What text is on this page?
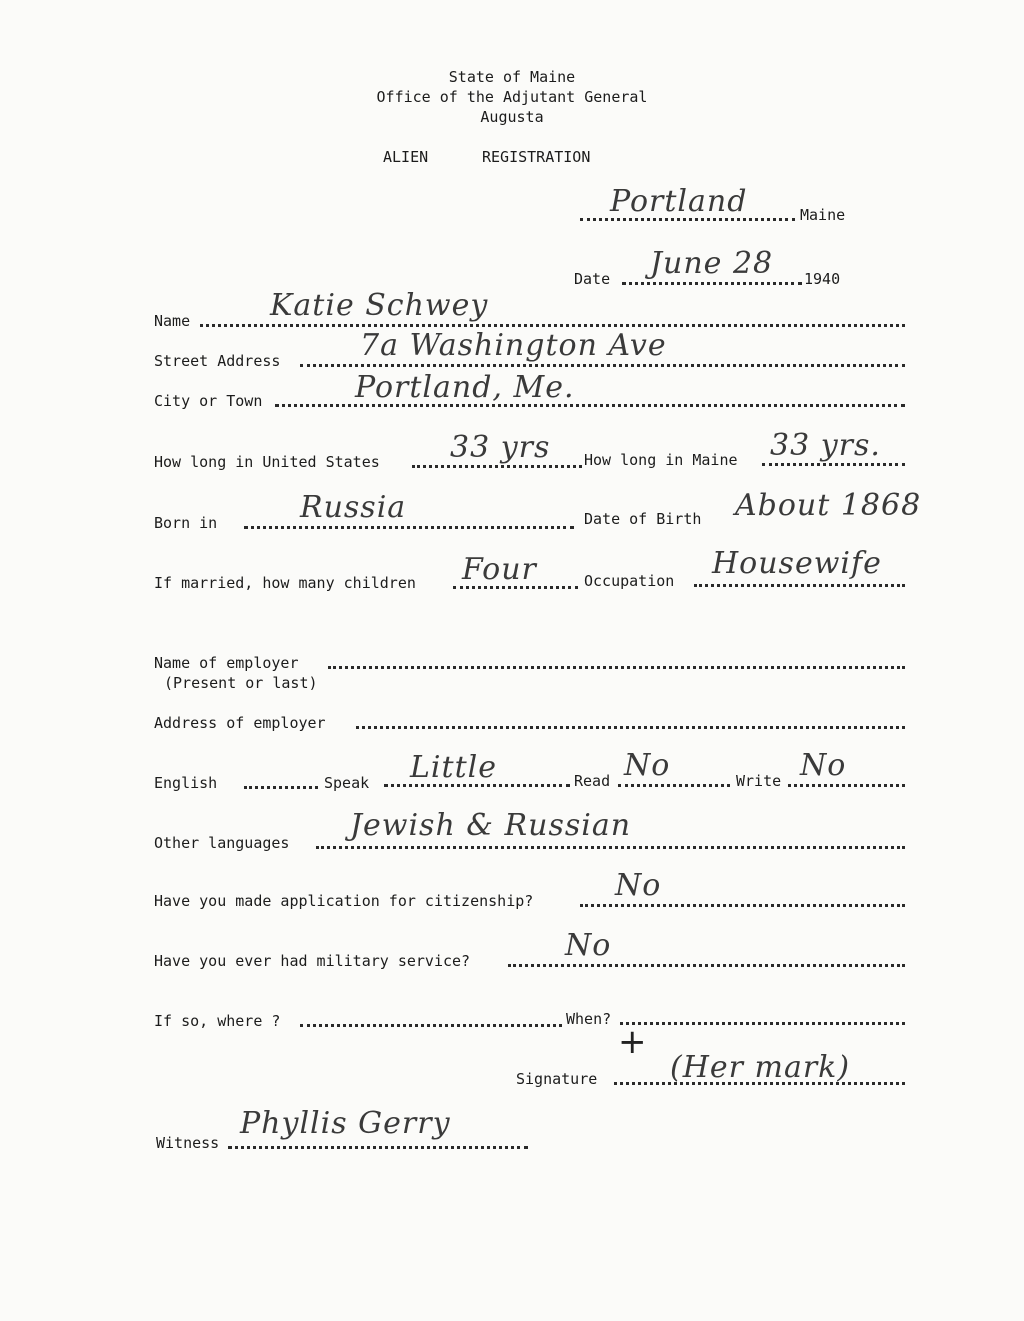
State of Maine
Office of the Adjutant General
Augusta
ALIEN	REGISTRATION
Portland	Maine
Date June 28 1940
Name	Katie Schwey
Street Address	7a Washington Ave
City or Town	Portland, Me.
How long in United States 33 yrs How long in Maine 33 yrs.
Born in	Russia	Date of Birth About 1868
If married, how many children Four	Occupation Housewife
Name of employer
(Present or last)
Address of employer
English	Speak Little	Read No	Write No
Other languages Jewish & Russian
Have you made application for citizenship?	No
Have you ever had military service?	No
If so, where ?	When?
+
Signature (Her mark)
Witness
Phyllis Gerry
